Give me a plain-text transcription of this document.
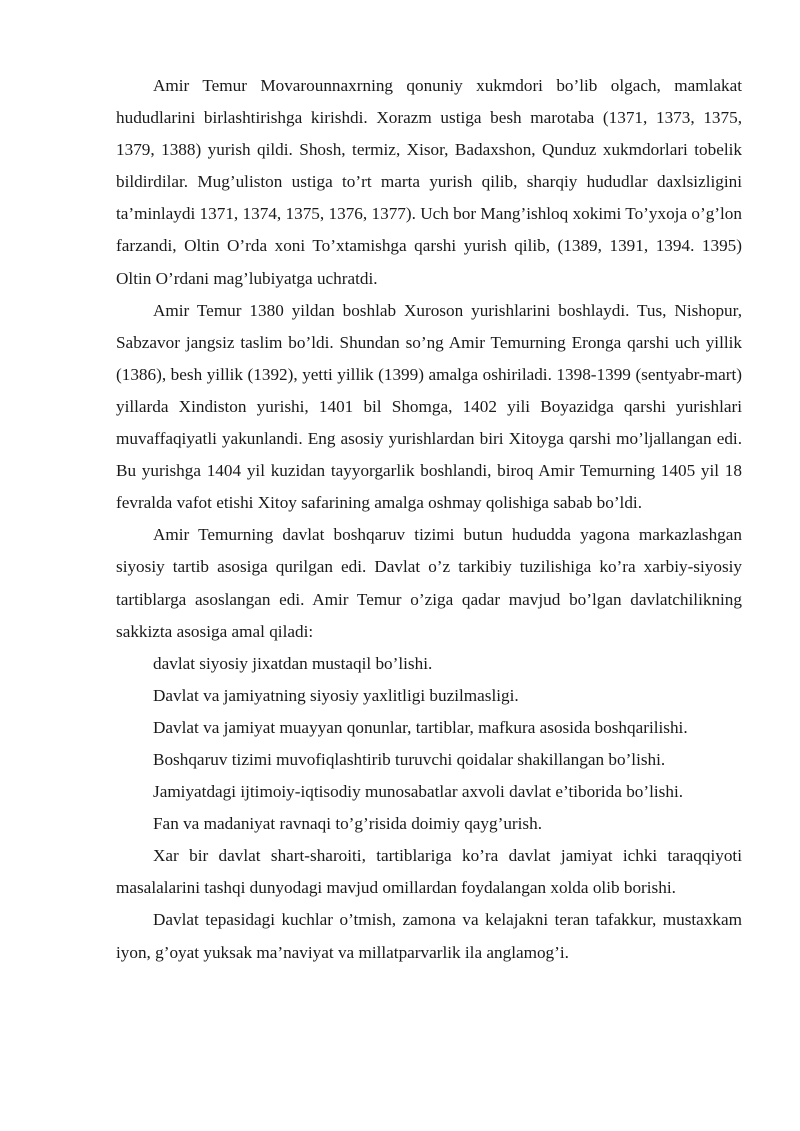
Amir Temur Movarounnaxrning qonuniy xukmdori bo’lib olgach, mamlakat hududlarini birlashtirishga kirishdi. Xorazm ustiga besh marotaba (1371, 1373, 1375, 1379, 1388) yurish qildi. Shosh, termiz, Xisor, Badaxshon, Qunduz xukmdorlari tobelik bildirdilar. Mug’uliston ustiga to’rt marta yurish qilib, sharqiy hududlar daxlsizligini ta’minlaydi 1371, 1374, 1375, 1376, 1377). Uch bor Mang’ishloq xokimi To’yxoja o’g’lon farzandi, Oltin O’rda xoni To’xtamishga qarshi yurish qilib, (1389, 1391, 1394. 1395) Oltin O’rdani mag’lubiyatga uchratdi.

Amir Temur 1380 yildan boshlab Xuroson yurishlarini boshlaydi. Tus, Nishopur, Sabzavor jangsiz taslim bo’ldi. Shundan so’ng Amir Temurning Eronga qarshi uch yillik (1386), besh yillik (1392), yetti yillik (1399) amalga oshiriladi. 1398-1399 (sentyabr-mart) yillarda Xindiston yurishi, 1401 bil Shomga, 1402 yili Boyazidga qarshi yurishlari muvaffaqiyatli yakunlandi. Eng asosiy yurishlardan biri Xitoyga qarshi mo’ljallangan edi. Bu yurishga 1404 yil kuzidan tayyorgarlik boshlandi, biroq Amir Temurning 1405 yil 18 fevralda vafot etishi Xitoy safarining amalga oshmay qolishiga sabab bo’ldi.

Amir Temurning davlat boshqaruv tizimi butun hududda yagona markazlashgan siyosiy tartib asosiga qurilgan edi. Davlat o’z tarkibiy tuzilishiga ko’ra xarbiy-siyosiy tartiblarga asoslangan edi. Amir Temur o’ziga qadar mavjud bo’lgan davlatchilikning sakkizta asosiga amal qiladi:

davlat siyosiy jixatdan mustaqil bo’lishi.

Davlat va jamiyatning siyosiy yaxlitligi buzilmasligi.

Davlat va jamiyat muayyan qonunlar, tartiblar, mafkura asosida boshqarilishi.

Boshqaruv tizimi muvofiqlashtirib turuvchi qoidalar shakillangan bo’lishi.

Jamiyatdagi ijtimoiy-iqtisodiy munosabatlar axvoli davlat e’tiborida bo’lishi.

Fan va madaniyat ravnaqi to’g’risida doimiy qayg’urish.

Xar bir davlat shart-sharoiti, tartiblariga ko’ra davlat jamiyat ichki taraqqiyoti masalalarini tashqi dunyodagi mavjud omillardan foydalangan xolda olib borishi.

Davlat tepasidagi kuchlar o’tmish, zamona va kelajakni teran tafakkur, mustaxkam iyon, g’oyat yuksak ma’naviyat va millatparvarlik ila anglamog’i.
